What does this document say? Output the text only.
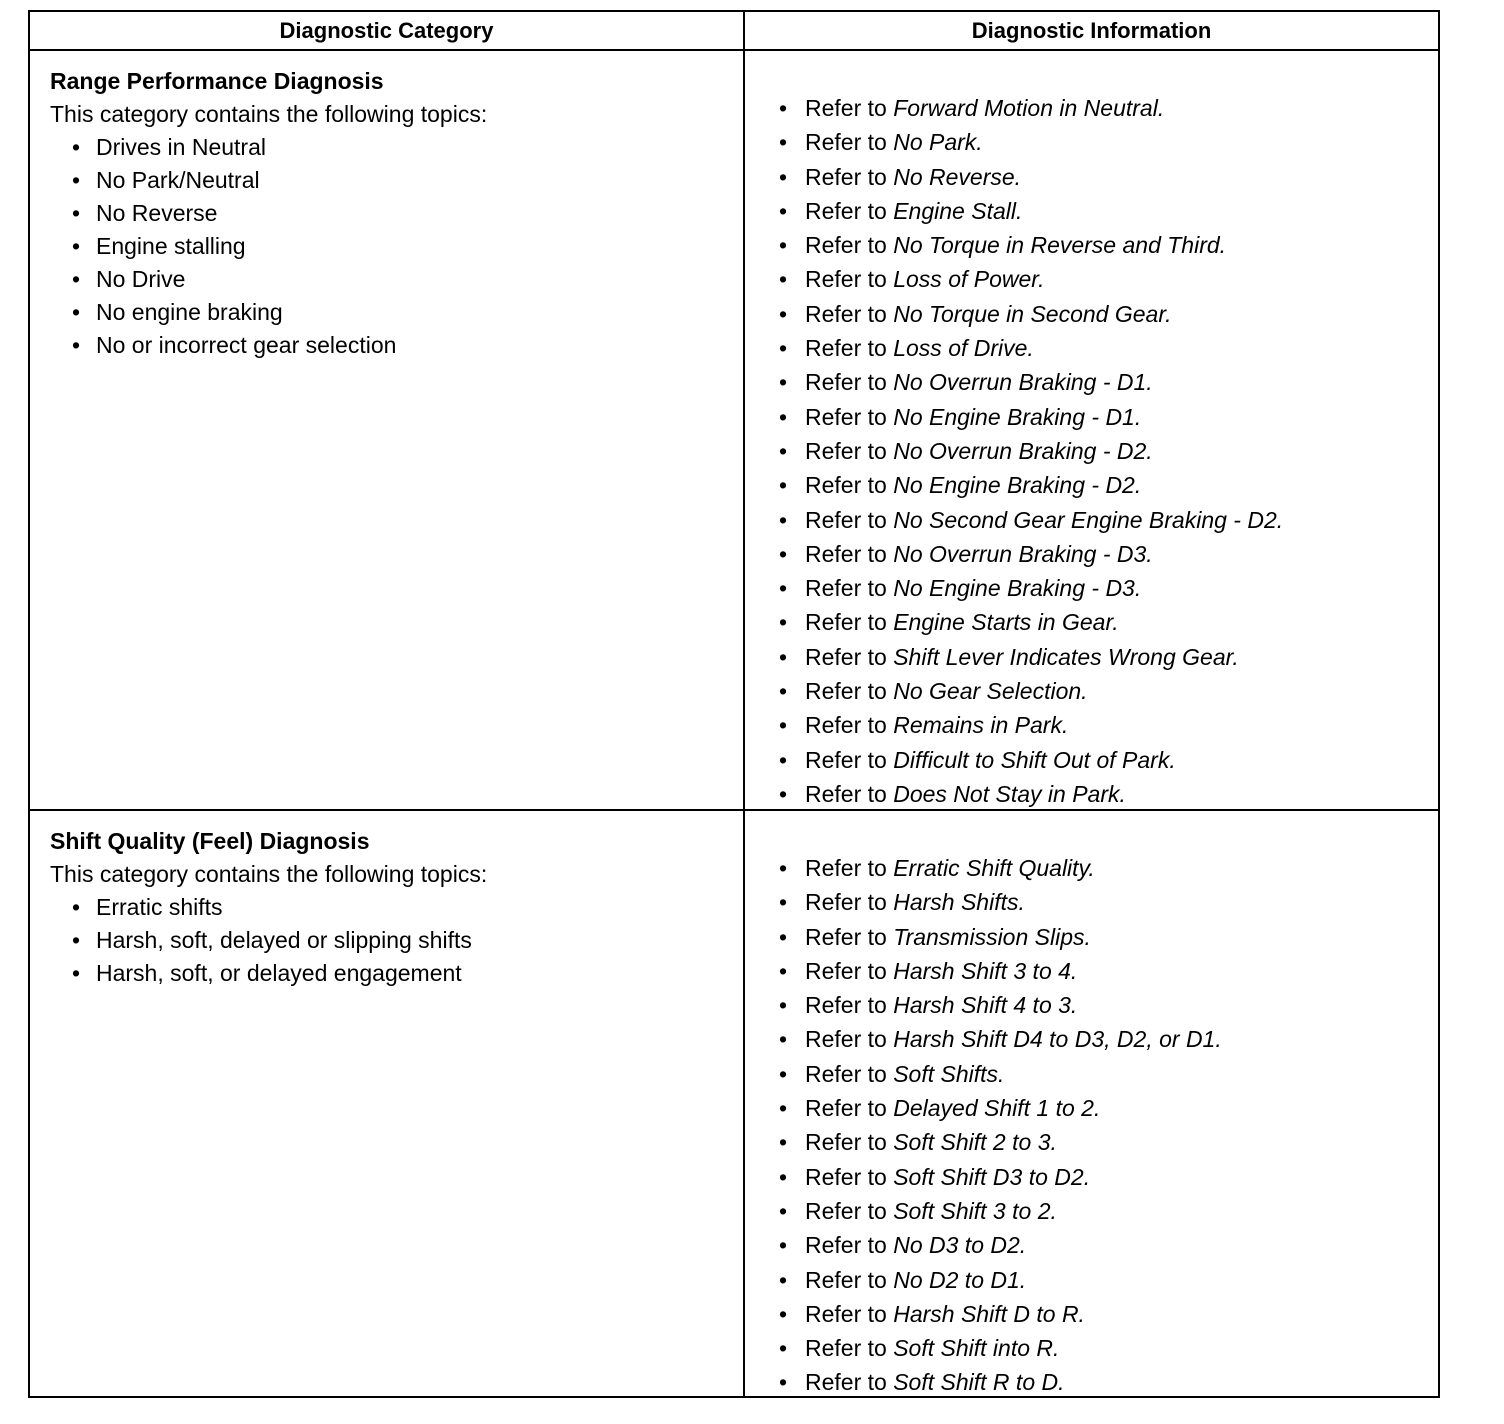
Diagnostic Category	Diagnostic Information
Range Performance Diagnosis
This category contains the following topics:
• Drives in Neutral
• No Park/Neutral
• No Reverse
• Engine stalling
• No Drive
• No engine braking
• No or incorrect gear selection
• Refer to Forward Motion in Neutral.
• Refer to No Park.
• Refer to No Reverse.
• Refer to Engine Stall.
• Refer to No Torque in Reverse and Third.
• Refer to Loss of Power.
• Refer to No Torque in Second Gear.
• Refer to Loss of Drive.
• Refer to No Overrun Braking - D1.
• Refer to No Engine Braking - D1.
• Refer to No Overrun Braking - D2.
• Refer to No Engine Braking - D2.
• Refer to No Second Gear Engine Braking - D2.
• Refer to No Overrun Braking - D3.
• Refer to No Engine Braking - D3.
• Refer to Engine Starts in Gear.
• Refer to Shift Lever Indicates Wrong Gear.
• Refer to No Gear Selection.
• Refer to Remains in Park.
• Refer to Difficult to Shift Out of Park.
• Refer to Does Not Stay in Park.
Shift Quality (Feel) Diagnosis
This category contains the following topics:
• Erratic shifts
• Harsh, soft, delayed or slipping shifts
• Harsh, soft, or delayed engagement
• Refer to Erratic Shift Quality.
• Refer to Harsh Shifts.
• Refer to Transmission Slips.
• Refer to Harsh Shift 3 to 4.
• Refer to Harsh Shift 4 to 3.
• Refer to Harsh Shift D4 to D3, D2, or D1.
• Refer to Soft Shifts.
• Refer to Delayed Shift 1 to 2.
• Refer to Soft Shift 2 to 3.
• Refer to Soft Shift D3 to D2.
• Refer to Soft Shift 3 to 2.
• Refer to No D3 to D2.
• Refer to No D2 to D1.
• Refer to Harsh Shift D to R.
• Refer to Soft Shift into R.
• Refer to Soft Shift R to D.
